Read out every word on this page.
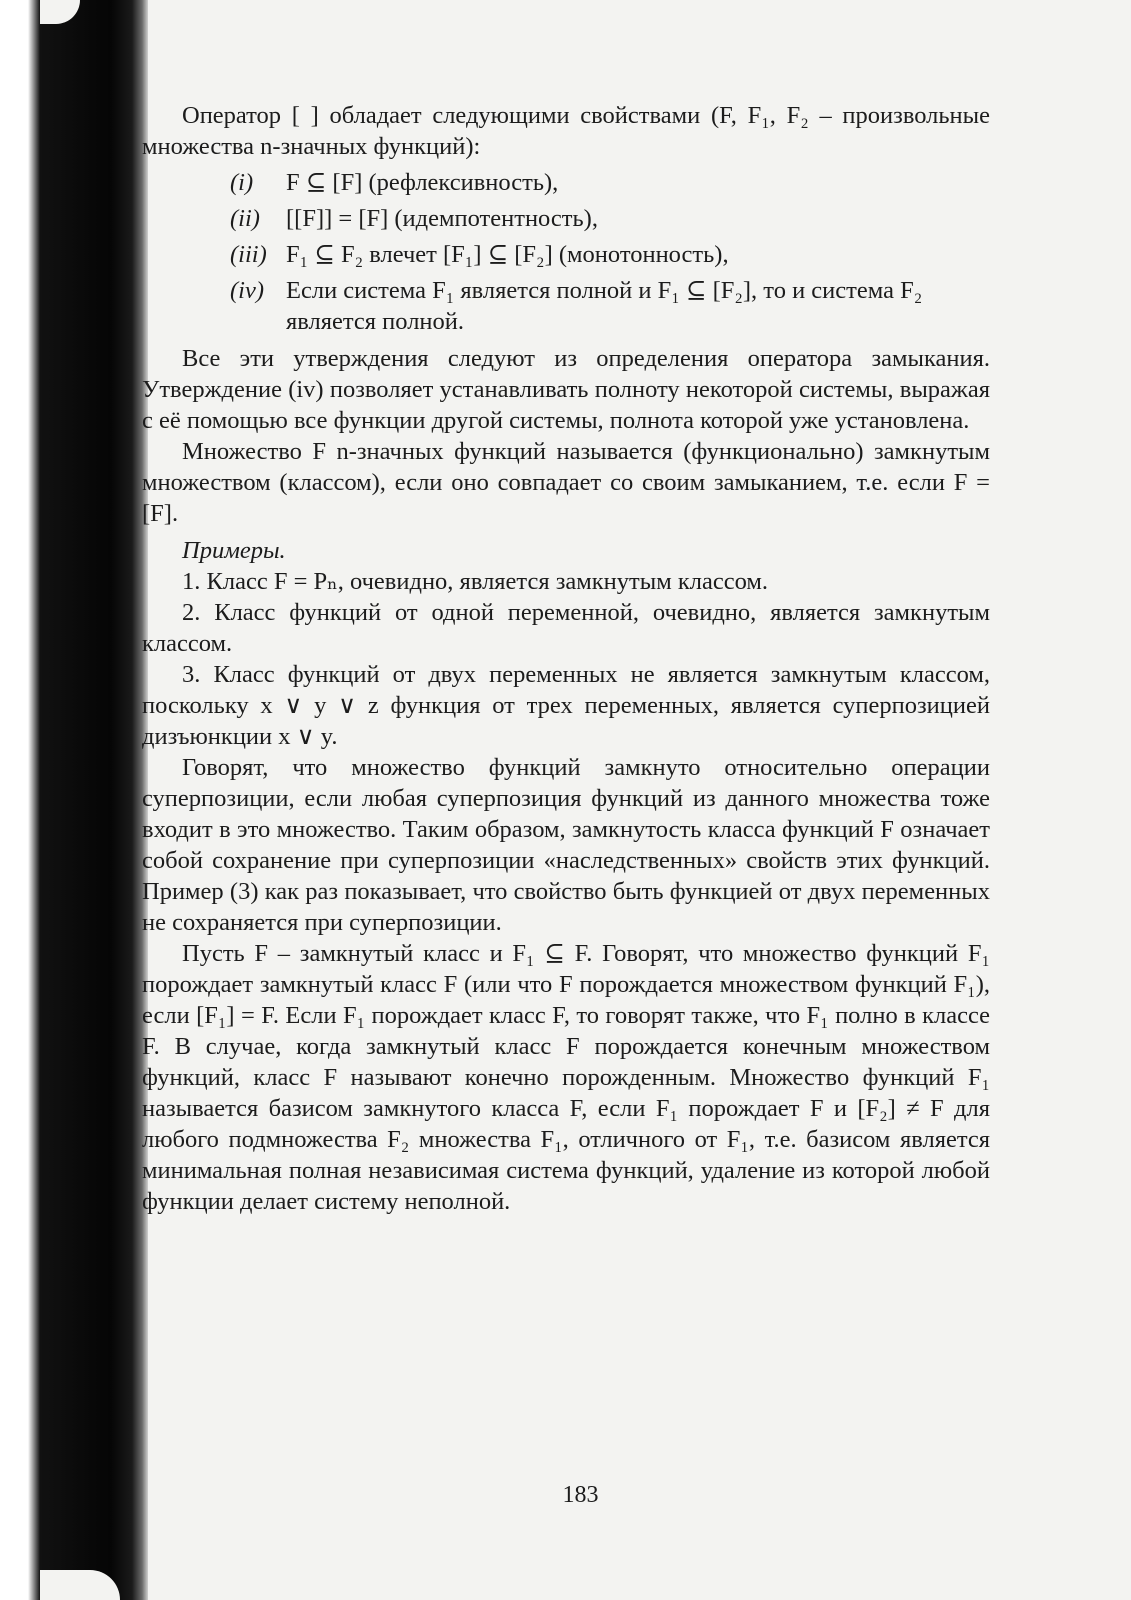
Оператор [ ] обладает следующими свойствами (F, F₁, F₂ – произвольные множества n-значных функций):

(i)	F ⊆ [F] (рефлексивность),
(ii)	[[F]] = [F] (идемпотентность),
(iii) F₁ ⊆ F₂ влечет [F₁] ⊆ [F₂] (монотонность),
(iv) Если система F₁ является полной и F₁ ⊆ [F₂], то и система F₂ является полной.

Все эти утверждения следуют из определения оператора замыкания. Утверждение (iv) позволяет устанавливать полноту некоторой системы, выражая с её помощью все функции другой системы, полнота которой уже установлена.

Множество F n-значных функций называется (функционально) замкнутым множеством (классом), если оно совпадает со своим замыканием, т.е. если F = [F].

Примеры.

1. Класс F = Pₙ, очевидно, является замкнутым классом.

2. Класс функций от одной переменной, очевидно, является замкнутым классом.

3. Класс функций от двух переменных не является замкнутым классом, поскольку x ∨ y ∨ z функция от трех переменных, является суперпозицией дизъюнкции x ∨ y.

Говорят, что множество функций замкнуто относительно операции суперпозиции, если любая суперпозиция функций из данного множества тоже входит в это множество. Таким образом, замкнутость класса функций F означает собой сохранение при суперпозиции «наследственных» свойств этих функций. Пример (3) как раз показывает, что свойство быть функцией от двух переменных не сохраняется при суперпозиции.

Пусть F – замкнутый класс и F₁ ⊆ F. Говорят, что множество функций F₁ порождает замкнутый класс F (или что F порождается множеством функций F₁), если [F₁] = F. Если F₁ порождает класс F, то говорят также, что F₁ полно в классе F. В случае, когда замкнутый класс F порождается конечным множеством функций, класс F называют конечно порожденным. Множество функций F₁ называется базисом замкнутого класса F, если F₁ порождает F и [F₂] ≠ F для любого подмножества F₂ множества F₁, отличного от F₁, т.е. базисом является минимальная полная независимая система функций, удаление из которой любой функции делает систему неполной.

183
